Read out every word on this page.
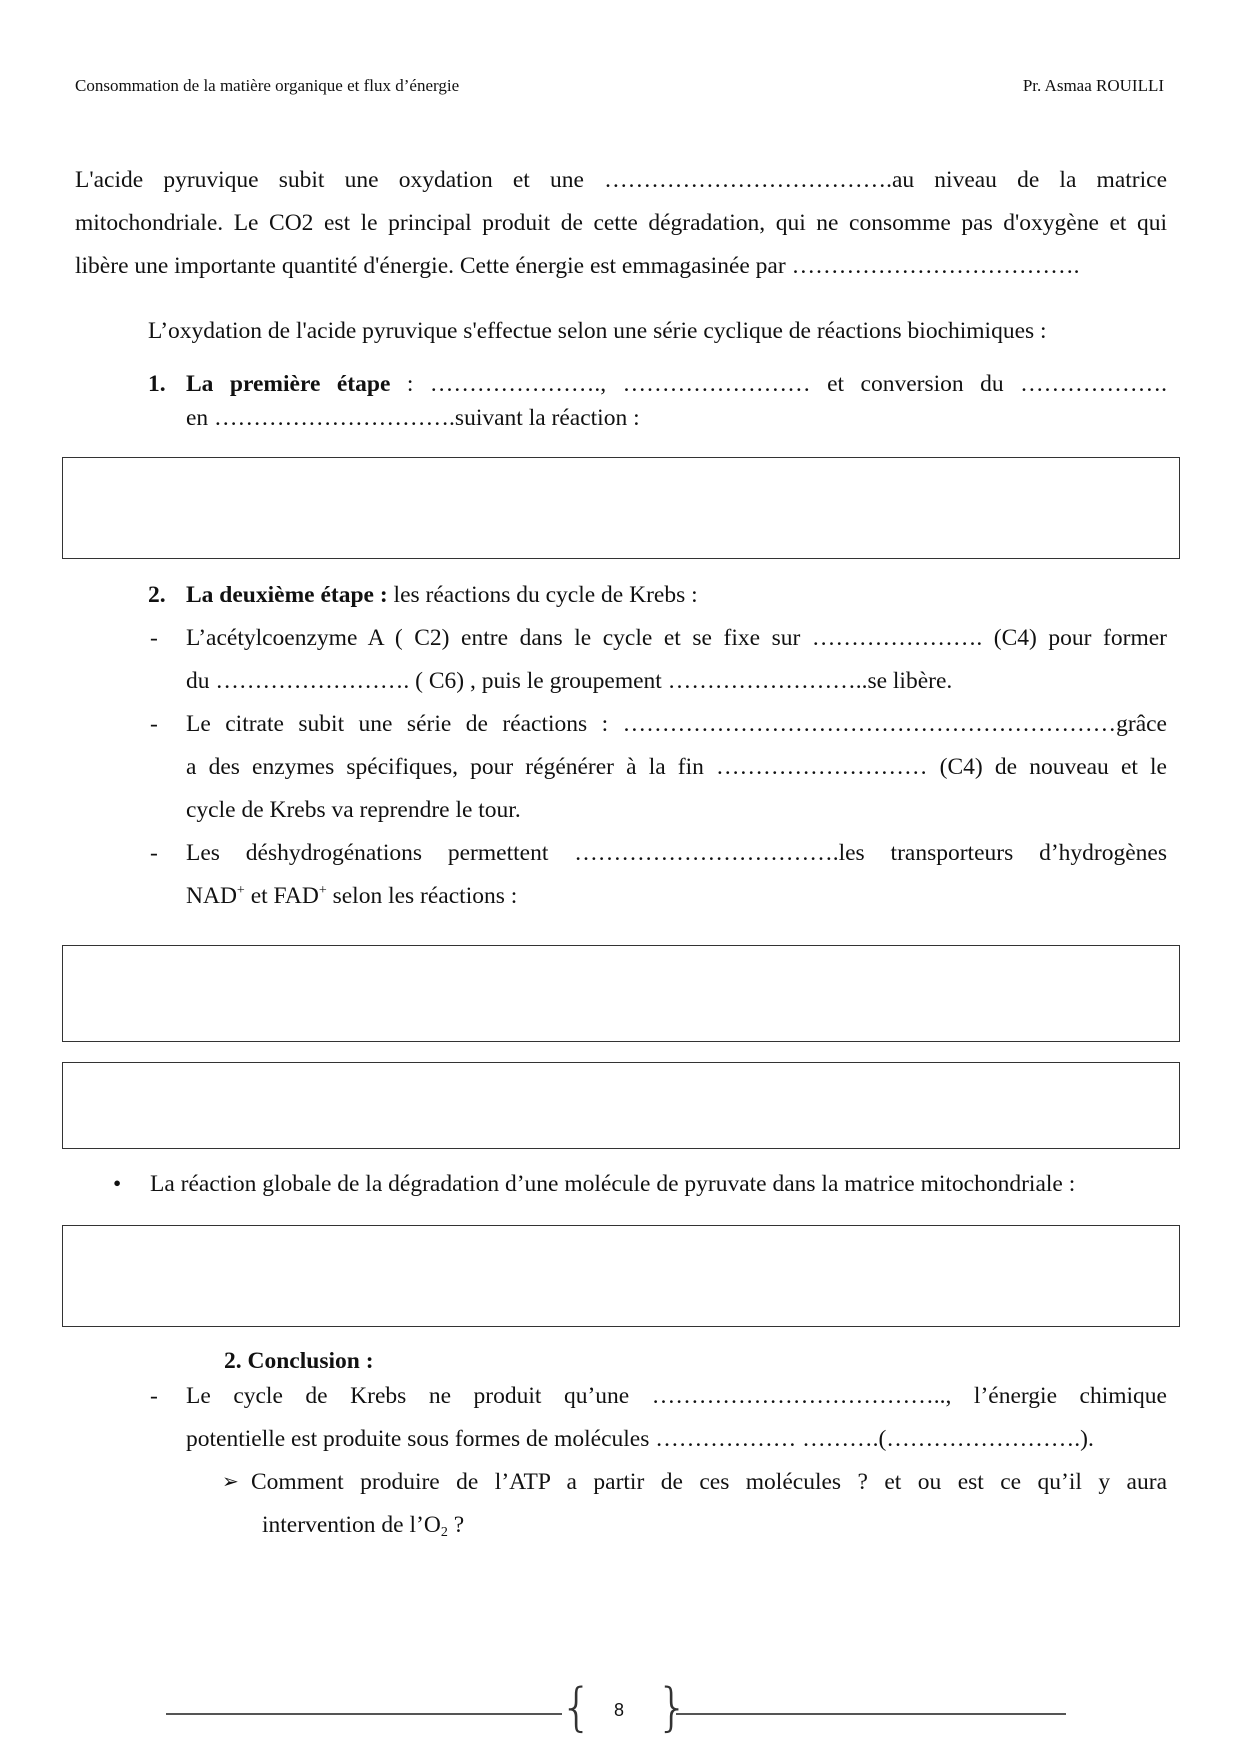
Consommation de la matière organique et flux d’énergie	Pr. Asmaa ROUILLI
L'acide pyruvique subit une oxydation et une ……………………………….au niveau de la matrice
mitochondriale. Le CO2 est le principal produit de cette dégradation, qui ne consomme pas d'oxygène et qui
libère une importante quantité d'énergie. Cette énergie est emmagasinée par ……………………………….
L’oxydation de l'acide pyruvique s'effectue selon une série cyclique de réactions biochimiques :
1. La première étape : …………………., …………………… et conversion du ……………….
en ………………………….suivant la réaction :
2. La deuxième étape : les réactions du cycle de Krebs :
- L’acétylcoenzyme A ( C2) entre dans le cycle et se fixe sur …………………. (C4) pour former
du ……………………. ( C6) , puis le groupement ……………………..se libère.
- Le citrate subit une série de réactions : ………………………………………………………grâce
a des enzymes spécifiques, pour régénérer à la fin ……………………… (C4) de nouveau et le
cycle de Krebs va reprendre le tour.
- Les déshydrogénations permettent …………………………….les transporteurs d’hydrogènes
NAD+ et FAD+ selon les réactions :
• La réaction globale de la dégradation d’une molécule de pyruvate dans la matrice mitochondriale :
2. Conclusion :
- Le cycle de Krebs ne produit qu’une ……………………………….., l’énergie chimique
potentielle est produite sous formes de molécules ……………… ……….(…………………….).
➢ Comment produire de l’ATP a partir de ces molécules ? et ou est ce qu’il y aura
intervention de $l’O_2$ ?
{ }
8
